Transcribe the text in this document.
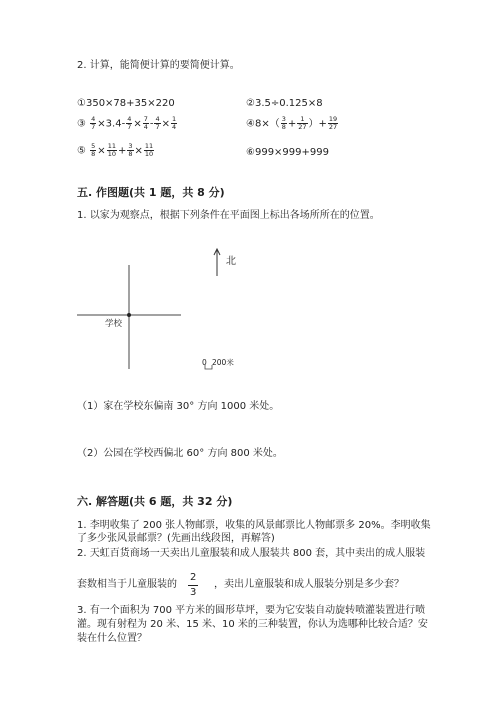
2. 计算，能简便计算的要简便计算。
①350×78+35×220	②3.5÷0.125×8
③ $\frac{4}{7} \times 3.4- \frac{4}{7} \times \frac{7}{4} - \frac{4}{7} \times \frac{1}{4}$	④8×（ $\frac{3}{8} + \frac{1}{27}$ ）+ $\frac{19}{27}$
⑤ $\frac{5}{8} \times \frac{11}{10} + \frac{3}{8} \times \frac{11}{10}$	⑥999×999+999
五. 作图题(共 1 题，共 8 分)
1. 以家为观察点，根据下列条件在平面图上标出各场所所在的位置。
北
学校
0 200米
（1）家在学校东偏南 30° 方向 1000 米处。
（2）公园在学校西偏北 60° 方向 800 米处。
六. 解答题(共 6 题，共 32 分)
1. 李明收集了 200 张人物邮票，收集的风景邮票比人物邮票多 20%。李明收集
了多少张风景邮票？(先画出线段图，再解答)
2. 天虹百货商场一天卖出儿童服装和成人服装共 800 套，其中卖出的成人服装
套数相当于儿童服装的 $\frac{2}{3}$ ，卖出儿童服装和成人服装分别是多少套？
3. 有一个面积为 700 平方米的圆形草坪，要为它安装自动旋转喷灌装置进行喷
灌。现有射程为 20 米、15 米、10 米的三种装置，你认为选哪种比较合适？安
装在什么位置？
